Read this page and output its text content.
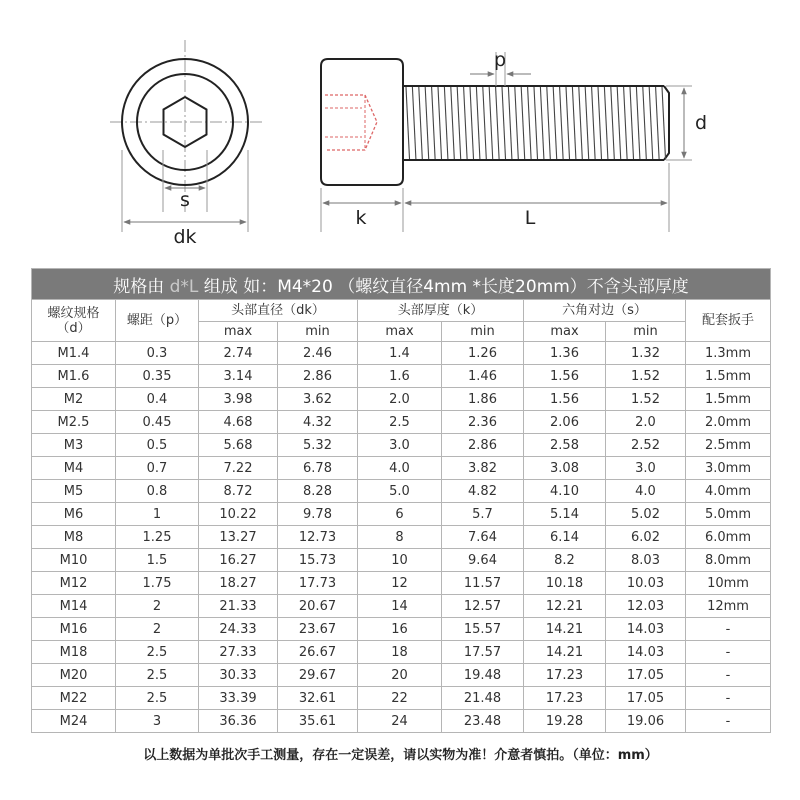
s
dk
p
d
k	L
规格由 d*L 组成 如：M4*20 （螺纹直径4mm *长度20mm）不含头部厚度								

螺纹规格
（d）	螺距（p）	头部直径（dk）		头部厚度（k）		六角对边（s）		配套扳手
		max	min	max	min	max	min	
M1.4	0.3	2.74	2.46	1.4	1.26	1.36	1.32	1.3mm
M1.6	0.35	3.14	2.86	1.6	1.46	1.56	1.52	1.5mm
M2	0.4	3.98	3.62	2.0	1.86	1.56	1.52	1.5mm
M2.5	0.45	4.68	4.32	2.5	2.36	2.06	2.0	2.0mm
M3	0.5	5.68	5.32	3.0	2.86	2.58	2.52	2.5mm
M4	0.7	7.22	6.78	4.0	3.82	3.08	3.0	3.0mm
M5	0.8	8.72	8.28	5.0	4.82	4.10	4.0	4.0mm
M6	1	10.22	9.78	6	5.7	5.14	5.02	5.0mm
M8	1.25	13.27	12.73	8	7.64	6.14	6.02	6.0mm
M10	1.5	16.27	15.73	10	9.64	8.2	8.03	8.0mm
M12	1.75	18.27	17.73	12	11.57	10.18	10.03	10mm
M14	2	21.33	20.67	14	12.57	12.21	12.03	12mm
M16	2	24.33	23.67	16	15.57	14.21	14.03	-
M18	2.5	27.33	26.67	18	17.57	14.21	14.03	-
M20	2.5	30.33	29.67	20	19.48	17.23	17.05	-
M22	2.5	33.39	32.61	22	21.48	17.23	17.05	-
M24	3	36.36	35.61	24	23.48	19.28	19.06	-
以上数据为单批次手工测量，存在一定误差，请以实物为准！介意者慎拍。（单位：mm）
